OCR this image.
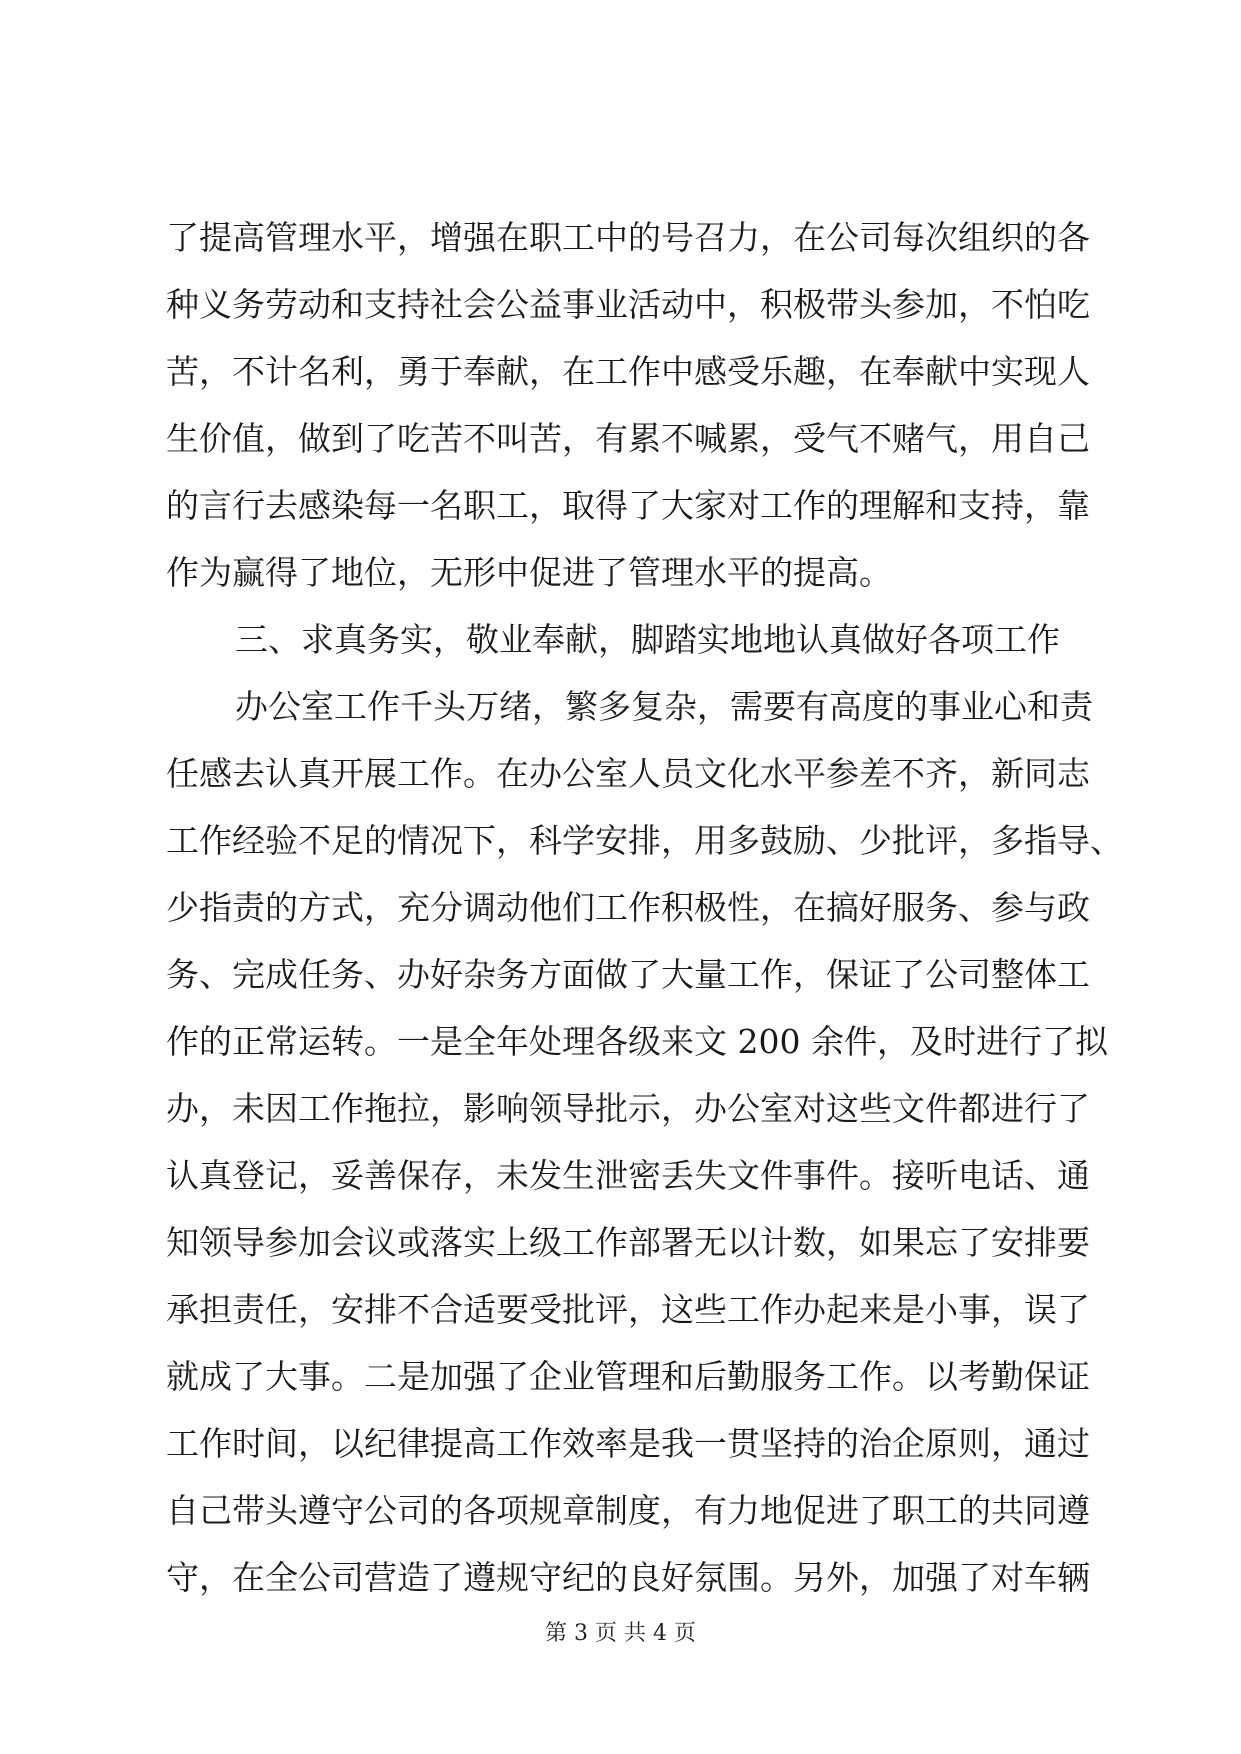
了提高管理水平，增强在职工中的号召力，在公司每次组织的各
种义务劳动和支持社会公益事业活动中，积极带头参加，不怕吃
苦，不计名利，勇于奉献，在工作中感受乐趣，在奉献中实现人
生价值，做到了吃苦不叫苦，有累不喊累，受气不赌气，用自己
的言行去感染每一名职工，取得了大家对工作的理解和支持，靠
作为赢得了地位，无形中促进了管理水平的提高。
三、求真务实，敬业奉献，脚踏实地地认真做好各项工作
办公室工作千头万绪，繁多复杂，需要有高度的事业心和责
任感去认真开展工作。在办公室人员文化水平参差不齐，新同志
工作经验不足的情况下，科学安排，用多鼓励、少批评，多指导、
少指责的方式，充分调动他们工作积极性，在搞好服务、参与政
务、完成任务、办好杂务方面做了大量工作，保证了公司整体工
作的正常运转。一是全年处理各级来文 200 余件，及时进行了拟
办，未因工作拖拉，影响领导批示，办公室对这些文件都进行了
认真登记，妥善保存，未发生泄密丢失文件事件。接听电话、通
知领导参加会议或落实上级工作部署无以计数，如果忘了安排要
承担责任，安排不合适要受批评，这些工作办起来是小事，误了
就成了大事。二是加强了企业管理和后勤服务工作。以考勤保证
工作时间，以纪律提高工作效率是我一贯坚持的治企原则，通过
自己带头遵守公司的各项规章制度，有力地促进了职工的共同遵
守，在全公司营造了遵规守纪的良好氛围。另外，加强了对车辆
第 3 页 共 4 页
